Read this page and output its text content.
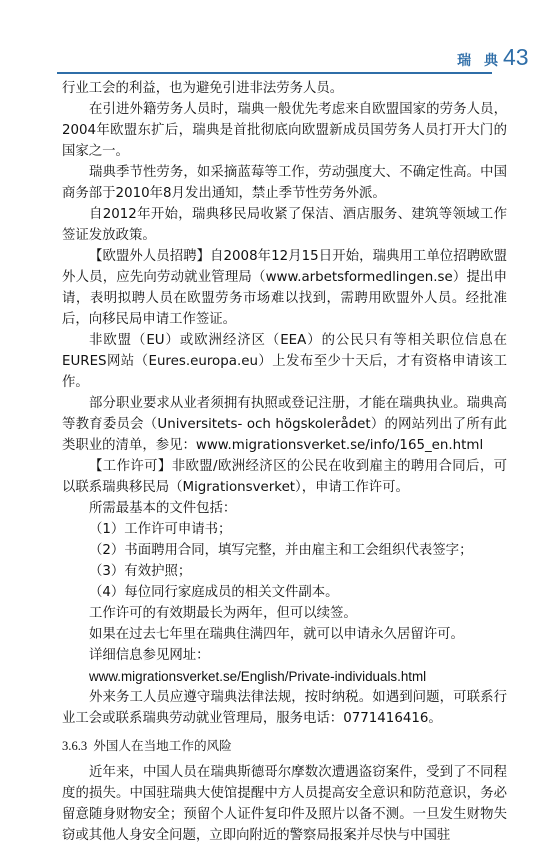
瑞 典 43

行业工会的利益，也为避免引进非法劳务人员。

在引进外籍劳务人员时，瑞典一般优先考虑来自欧盟国家的劳务人员，2004年欧盟东扩后，瑞典是首批彻底向欧盟新成员国劳务人员打开大门的国家之一。

瑞典季节性劳务，如采摘蓝莓等工作，劳动强度大、不确定性高。中国商务部于2010年8月发出通知，禁止季节性劳务外派。

自2012年开始，瑞典移民局收紧了保洁、酒店服务、建筑等领域工作签证发放政策。

【欧盟外人员招聘】自2008年12月15日开始，瑞典用工单位招聘欧盟外人员，应先向劳动就业管理局（www.arbetsformedlingen.se）提出申请，表明拟聘人员在欧盟劳务市场难以找到，需聘用欧盟外人员。经批准后，向移民局申请工作签证。

非欧盟（EU）或欧洲经济区（EEA）的公民只有等相关职位信息在EURES网站（Eures.europa.eu）上发布至少十天后，才有资格申请该工作。

部分职业要求从业者须拥有执照或登记注册，才能在瑞典执业。瑞典高等教育委员会（Universitets- och högskolerådet）的网站列出了所有此类职业的清单，参见：www.migrationsverket.se/info/165_en.html

【工作许可】非欧盟/欧洲经济区的公民在收到雇主的聘用合同后，可以联系瑞典移民局（Migrationsverket），申请工作许可。

所需最基本的文件包括：

（1）工作许可申请书；

（2）书面聘用合同，填写完整，并由雇主和工会组织代表签字；

（3）有效护照；

（4）每位同行家庭成员的相关文件副本。

工作许可的有效期最长为两年，但可以续签。

如果在过去七年里在瑞典住满四年，就可以申请永久居留许可。

详细信息参见网址：

www.migrationsverket.se/English/Private-individuals.html

外来务工人员应遵守瑞典法律法规，按时纳税。如遇到问题，可联系行业工会或联系瑞典劳动就业管理局，服务电话：0771416416。

3.6.3 外国人在当地工作的风险

近年来，中国人员在瑞典斯德哥尔摩数次遭遇盗窃案件，受到了不同程度的损失。中国驻瑞典大使馆提醒中方人员提高安全意识和防范意识，务必留意随身财物安全；预留个人证件复印件及照片以备不测。一旦发生财物失窃或其他人身安全问题，立即向附近的警察局报案并尽快与中国驻
